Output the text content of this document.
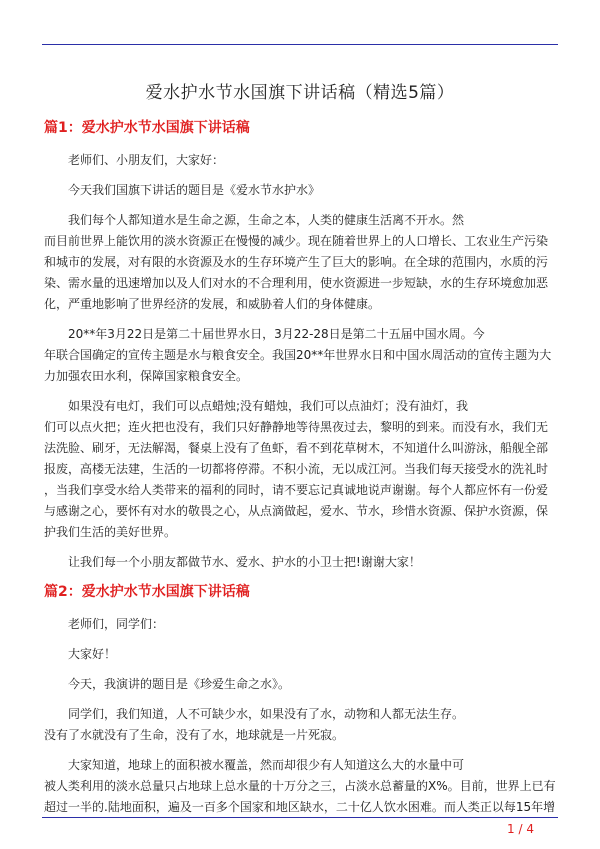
爱水护水节水国旗下讲话稿（精选5篇）
篇1：爱水护水节水国旗下讲话稿

老师们、小朋友们，大家好：

今天我们国旗下讲话的题目是《爱水节水护水》

我们每个人都知道水是生命之源，生命之本，人类的健康生活离不开水。然
而目前世界上能饮用的淡水资源正在慢慢的减少。现在随着世界上的人口增长、工农业生产污染
和城市的发展，对有限的水资源及水的生存环境产生了巨大的影响。在全球的范围内，水质的污
染、需水量的迅速增加以及人们对水的不合理利用，使水资源进一步短缺，水的生存环境愈加恶
化，严重地影响了世界经济的发展，和威胁着人们的身体健康。

20**年3月22日是第二十届世界水日，3月22-28日是第二十五届中国水周。今
年联合国确定的宣传主题是水与粮食安全。我国20**年世界水日和中国水周活动的宣传主题为大
力加强农田水利，保障国家粮食安全。

如果没有电灯，我们可以点蜡烛;没有蜡烛，我们可以点油灯；没有油灯，我
们可以点火把；连火把也没有，我们只好静静地等待黑夜过去，黎明的到来。而没有水，我们无
法洗脸、刷牙，无法解渴，餐桌上没有了鱼虾，看不到花草树木，不知道什么叫游泳，船舰全部
报废，高楼无法建，生活的一切都将停滞。不积小流，无以成江河。当我们每天接受水的洗礼时
，当我们享受水给人类带来的福利的同时，请不要忘记真诚地说声谢谢。每个人都应怀有一份爱
与感谢之心，要怀有对水的敬畏之心，从点滴做起，爱水、节水，珍惜水资源、保护水资源，保
护我们生活的美好世界。

让我们每一个小朋友都做节水、爱水、护水的小卫士把!谢谢大家！

篇2：爱水护水节水国旗下讲话稿

老师们，同学们：

大家好！

今天，我演讲的题目是《珍爱生命之水》。

同学们，我们知道，人不可缺少水，如果没有了水，动物和人都无法生存。
没有了水就没有了生命，没有了水，地球就是一片死寂。

大家知道，地球上的面积被水覆盖，然而却很少有人知道这么大的水量中可
被人类利用的淡水总量只占地球上总水量的十万分之三，占淡水总蓄量的X%。目前，世界上已有
超过一半的.陆地面积，遍及一百多个国家和地区缺水，二十亿人饮水困难。而人类正以每15年增

1 / 4
